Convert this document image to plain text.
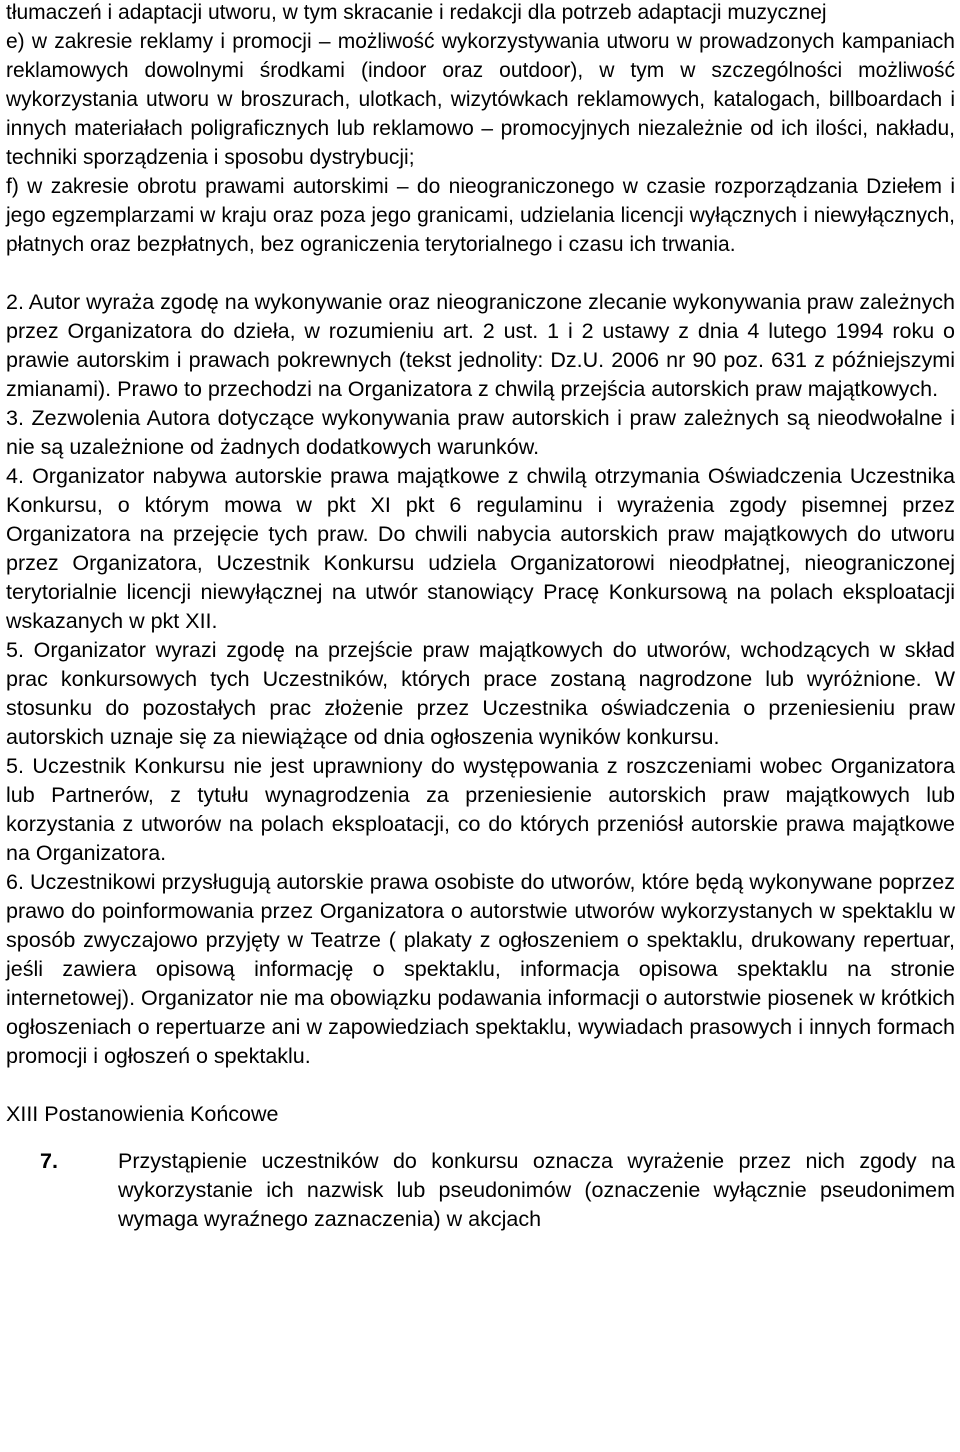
tłumaczeń i adaptacji utworu, w tym skracanie i redakcji dla potrzeb adaptacji muzycznej

e) w zakresie reklamy i promocji – możliwość wykorzystywania utworu w prowadzonych kampaniach reklamowych dowolnymi środkami (indoor oraz outdoor), w tym w szczególności możliwość wykorzystania utworu w broszurach, ulotkach, wizytówkach reklamowych, katalogach, billboardach i innych materiałach poligraficznych lub reklamowo – promocyjnych niezależnie od ich ilości, nakładu, techniki sporządzenia i sposobu dystrybucji;

f) w zakresie obrotu prawami autorskimi – do nieograniczonego w czasie rozporządzania Dziełem i jego egzemplarzami w kraju oraz poza jego granicami, udzielania licencji wyłącznych i niewyłącznych, płatnych oraz bezpłatnych, bez ograniczenia terytorialnego i czasu ich trwania.

2. Autor wyraża zgodę na wykonywanie oraz nieograniczone zlecanie wykonywania praw zależnych przez Organizatora do dzieła, w rozumieniu art. 2 ust. 1 i 2 ustawy z dnia 4 lutego 1994 roku o prawie autorskim i prawach pokrewnych (tekst jednolity: Dz.U. 2006 nr 90 poz. 631 z późniejszymi zmianami). Prawo to przechodzi na Organizatora z chwilą przejścia autorskich praw majątkowych.

3. Zezwolenia Autora dotyczące wykonywania praw autorskich i praw zależnych są nieodwołalne i nie są uzależnione od żadnych dodatkowych warunków.

4. Organizator nabywa autorskie prawa majątkowe z chwilą otrzymania Oświadczenia Uczestnika Konkursu, o którym mowa w pkt XI pkt 6 regulaminu i wyrażenia zgody pisemnej przez Organizatora na przejęcie tych praw. Do chwili nabycia autorskich praw majątkowych do utworu przez Organizatora, Uczestnik Konkursu udziela Organizatorowi nieodpłatnej, nieograniczonej terytorialnie licencji niewyłącznej na utwór stanowiący Pracę Konkursową na polach eksploatacji wskazanych w pkt XII.

5. Organizator wyrazi zgodę na przejście praw majątkowych do utworów, wchodzących w skład prac konkursowych tych Uczestników, których prace zostaną nagrodzone lub wyróżnione. W stosunku do pozostałych prac złożenie przez Uczestnika oświadczenia o przeniesieniu praw autorskich uznaje się za niewiążące od dnia ogłoszenia wyników konkursu.

5. Uczestnik Konkursu nie jest uprawniony do występowania z roszczeniami wobec Organizatora lub Partnerów, z tytułu wynagrodzenia za przeniesienie autorskich praw majątkowych lub korzystania z utworów na polach eksploatacji, co do których przeniósł autorskie prawa majątkowe na Organizatora.

6. Uczestnikowi przysługują autorskie prawa osobiste do utworów, które będą wykonywane poprzez prawo do poinformowania przez Organizatora o autorstwie utworów wykorzystanych w spektaklu w sposób zwyczajowo przyjęty w Teatrze ( plakaty z ogłoszeniem o spektaklu, drukowany repertuar, jeśli zawiera opisową informację o spektaklu, informacja opisowa spektaklu na stronie internetowej). Organizator nie ma obowiązku podawania informacji o autorstwie piosenek w krótkich ogłoszeniach o repertuarze ani w zapowiedziach spektaklu, wywiadach prasowych i innych formach promocji i ogłoszeń o spektaklu.

XIII Postanowienia Końcowe

7.	Przystąpienie uczestników do konkursu oznacza wyrażenie przez nich zgody na wykorzystanie ich nazwisk lub pseudonimów (oznaczenie wyłącznie pseudonimem wymaga wyraźnego zaznaczenia) w akcjach
